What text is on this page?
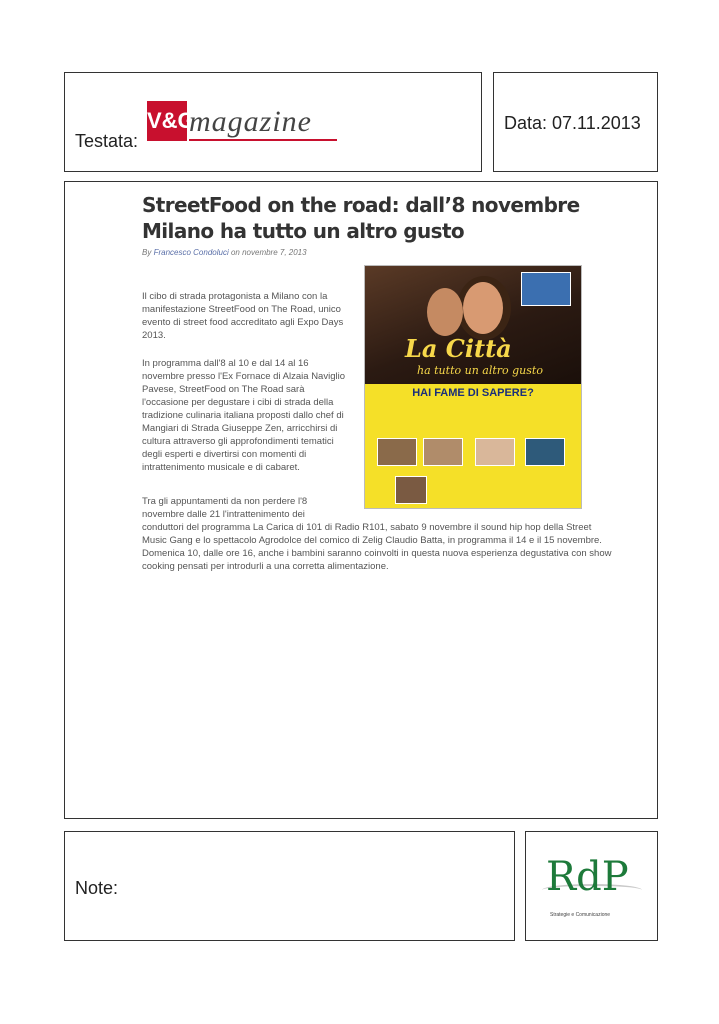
Testata:
V&G
magazine	Data: 07.11.2013
StreetFood on the road: dall’8 novembre Milano ha tutto un altro gusto
By Francesco Condoluci on novembre 7, 2013

Il cibo di strada protagonista a Milano con la manifestazione StreetFood on The Road, unico evento di street food accreditato agli Expo Days 2013.

In programma dall'8 al 10 e dal 14 al 16 novembre presso l'Ex Fornace di Alzaia Naviglio Pavese, StreetFood on The Road sarà l'occasione per degustare i cibi di strada della tradizione culinaria italiana proposti dallo chef di Mangiari di Strada Giuseppe Zen, arricchirsi di cultura attraverso gli approfondimenti tematici degli esperti e divertirsi con momenti di intrattenimento musicale e di cabaret.

Tra gli appuntamenti da non perdere l'8 novembre dalle 21 l'intrattenimento dei

conduttori del programma La Carica di 101 di Radio R101, sabato 9 novembre il sound hip hop della Street Music Gang e lo spettacolo Agrodolce del comico di Zelig Claudio Batta, in programma il 14 e il 15 novembre. Domenica 10, dalle ore 16, anche i bambini saranno coinvolti in questa nuova esperienza degustativa con show cooking pensati per introdurli a una corretta alimentazione.

La Città
ha tutto un altro gusto
HAI FAME DI SAPERE?
Note:	RdP
Strategie e Comunicazione
